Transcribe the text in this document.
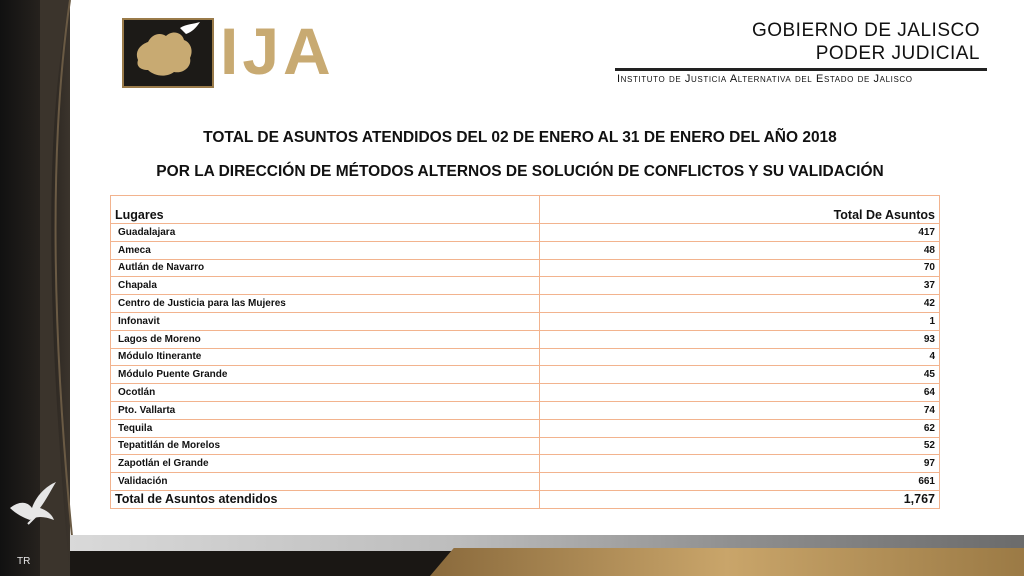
TR
IJA	GOBIERNO DE JALISCO
PODER JUDICIAL
Instituto de Justicia Alternativa del Estado de Jalisco
TOTAL DE ASUNTOS ATENDIDOS DEL 02 DE ENERO AL 31 DE ENERO DEL AÑO 2018
POR LA DIRECCIÓN DE MÉTODOS ALTERNOS DE SOLUCIÓN DE CONFLICTOS Y SU VALIDACIÓN
Lugares	Total De Asuntos
Guadalajara	417
Ameca	48
Autlán de Navarro	70
Chapala	37
Centro de Justicia para las Mujeres	42
Infonavit	1
Lagos de Moreno	93
Módulo Itinerante	4
Módulo Puente Grande	45
Ocotlán	64
Pto. Vallarta	74
Tequila	62
Tepatitlán de Morelos	52
Zapotlán el Grande	97
Validación	661
Total de Asuntos atendidos	1,767
